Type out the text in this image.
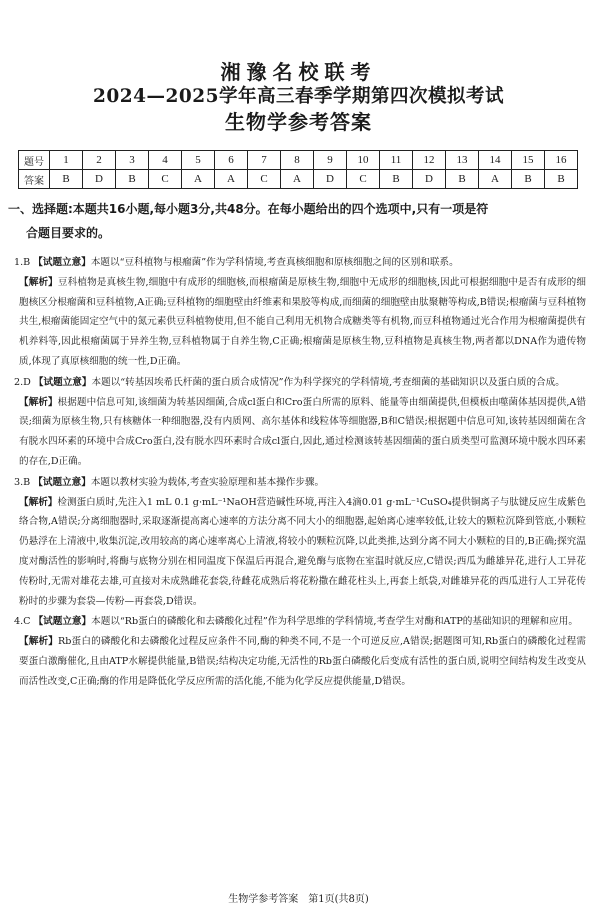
湘豫名校联考
2024—2025学年高三春季学期第四次模拟考试
生物学参考答案
题号	1	2	3	4	5	6	7	8	9	10	11	12	13	14	15	16
答案	B	D	B	C	A	A	C	A	D	C	B	D	B	A	B	B
一、选择题:本题共16小题,每小题3分,共48分。在每小题给出的四个选项中,只有一项是符
合题目要求的。

1.B 【试题立意】本题以“豆科植物与根瘤菌”作为学科情境,考查真核细胞和原核细胞之间的区别和联系。

【解析】豆科植物是真核生物,细胞中有成形的细胞核,而根瘤菌是原核生物,细胞中无成形的细胞核,因此可根据细胞中是否有成形的细胞核区分根瘤菌和豆科植物,A正确;豆科植物的细胞壁由纤维素和果胶等构成,而细菌的细胞壁由肽聚糖等构成,B错误;根瘤菌与豆科植物共生,根瘤菌能固定空气中的氮元素供豆科植物使用,但不能自己利用无机物合成糖类等有机物,而豆科植物通过光合作用为根瘤菌提供有机养料等,因此根瘤菌属于异养生物,豆科植物属于自养生物,C正确;根瘤菌是原核生物,豆科植物是真核生物,两者都以DNA作为遗传物质,体现了真原核细胞的统一性,D正确。

2.D 【试题立意】本题以“转基因埃希氏杆菌的蛋白质合成情况”作为科学探究的学科情境,考查细菌的基础知识以及蛋白质的合成。

【解析】根据题中信息可知,该细菌为转基因细菌,合成cl蛋白和Cro蛋白所需的原料、能量等由细菌提供,但模板由噬菌体基因提供,A错误;细菌为原核生物,只有核糖体一种细胞器,没有内质网、高尔基体和线粒体等细胞器,B和C错误;根据题中信息可知,该转基因细菌在含有脱水四环素的环境中合成Cro蛋白,没有脱水四环素时合成cl蛋白,因此,通过检测该转基因细菌的蛋白质类型可监测环境中脱水四环素的存在,D正确。

3.B 【试题立意】本题以教材实验为载体,考查实验原理和基本操作步骤。

【解析】检测蛋白质时,先注入1 mL 0.1 g·mL⁻¹NaOH营造碱性环境,再注入4滴0.01 g·mL⁻¹CuSO₄提供铜离子与肽键反应生成紫色络合物,A错误;分离细胞器时,采取逐渐提高离心速率的方法分离不同大小的细胞器,起始离心速率较低,让较大的颗粒沉降到管底,小颗粒仍悬浮在上清液中,收集沉淀,改用较高的离心速率离心上清液,将较小的颗粒沉降,以此类推,达到分离不同大小颗粒的目的,B正确;探究温度对酶活性的影响时,将酶与底物分别在相同温度下保温后再混合,避免酶与底物在室温时就反应,C错误;西瓜为雌雄异花,进行人工异花传粉时,无需对雄花去雄,可直接对未成熟雌花套袋,待雌花成熟后将花粉撒在雌花柱头上,再套上纸袋,对雌雄异花的西瓜进行人工异花传粉时的步骤为套袋—传粉—再套袋,D错误。

4.C 【试题立意】本题以“Rb蛋白的磷酸化和去磷酸化过程”作为科学思维的学科情境,考查学生对酶和ATP的基础知识的理解和应用。

【解析】Rb蛋白的磷酸化和去磷酸化过程反应条件不同,酶的种类不同,不是一个可逆反应,A错误;据题图可知,Rb蛋白的磷酸化过程需要蛋白激酶催化,且由ATP水解提供能量,B错误;结构决定功能,无活性的Rb蛋白磷酸化后变成有活性的蛋白质,说明空间结构发生改变从而活性改变,C正确;酶的作用是降低化学反应所需的活化能,不能为化学反应提供能量,D错误。

生物学参考答案　第1页(共8页)
